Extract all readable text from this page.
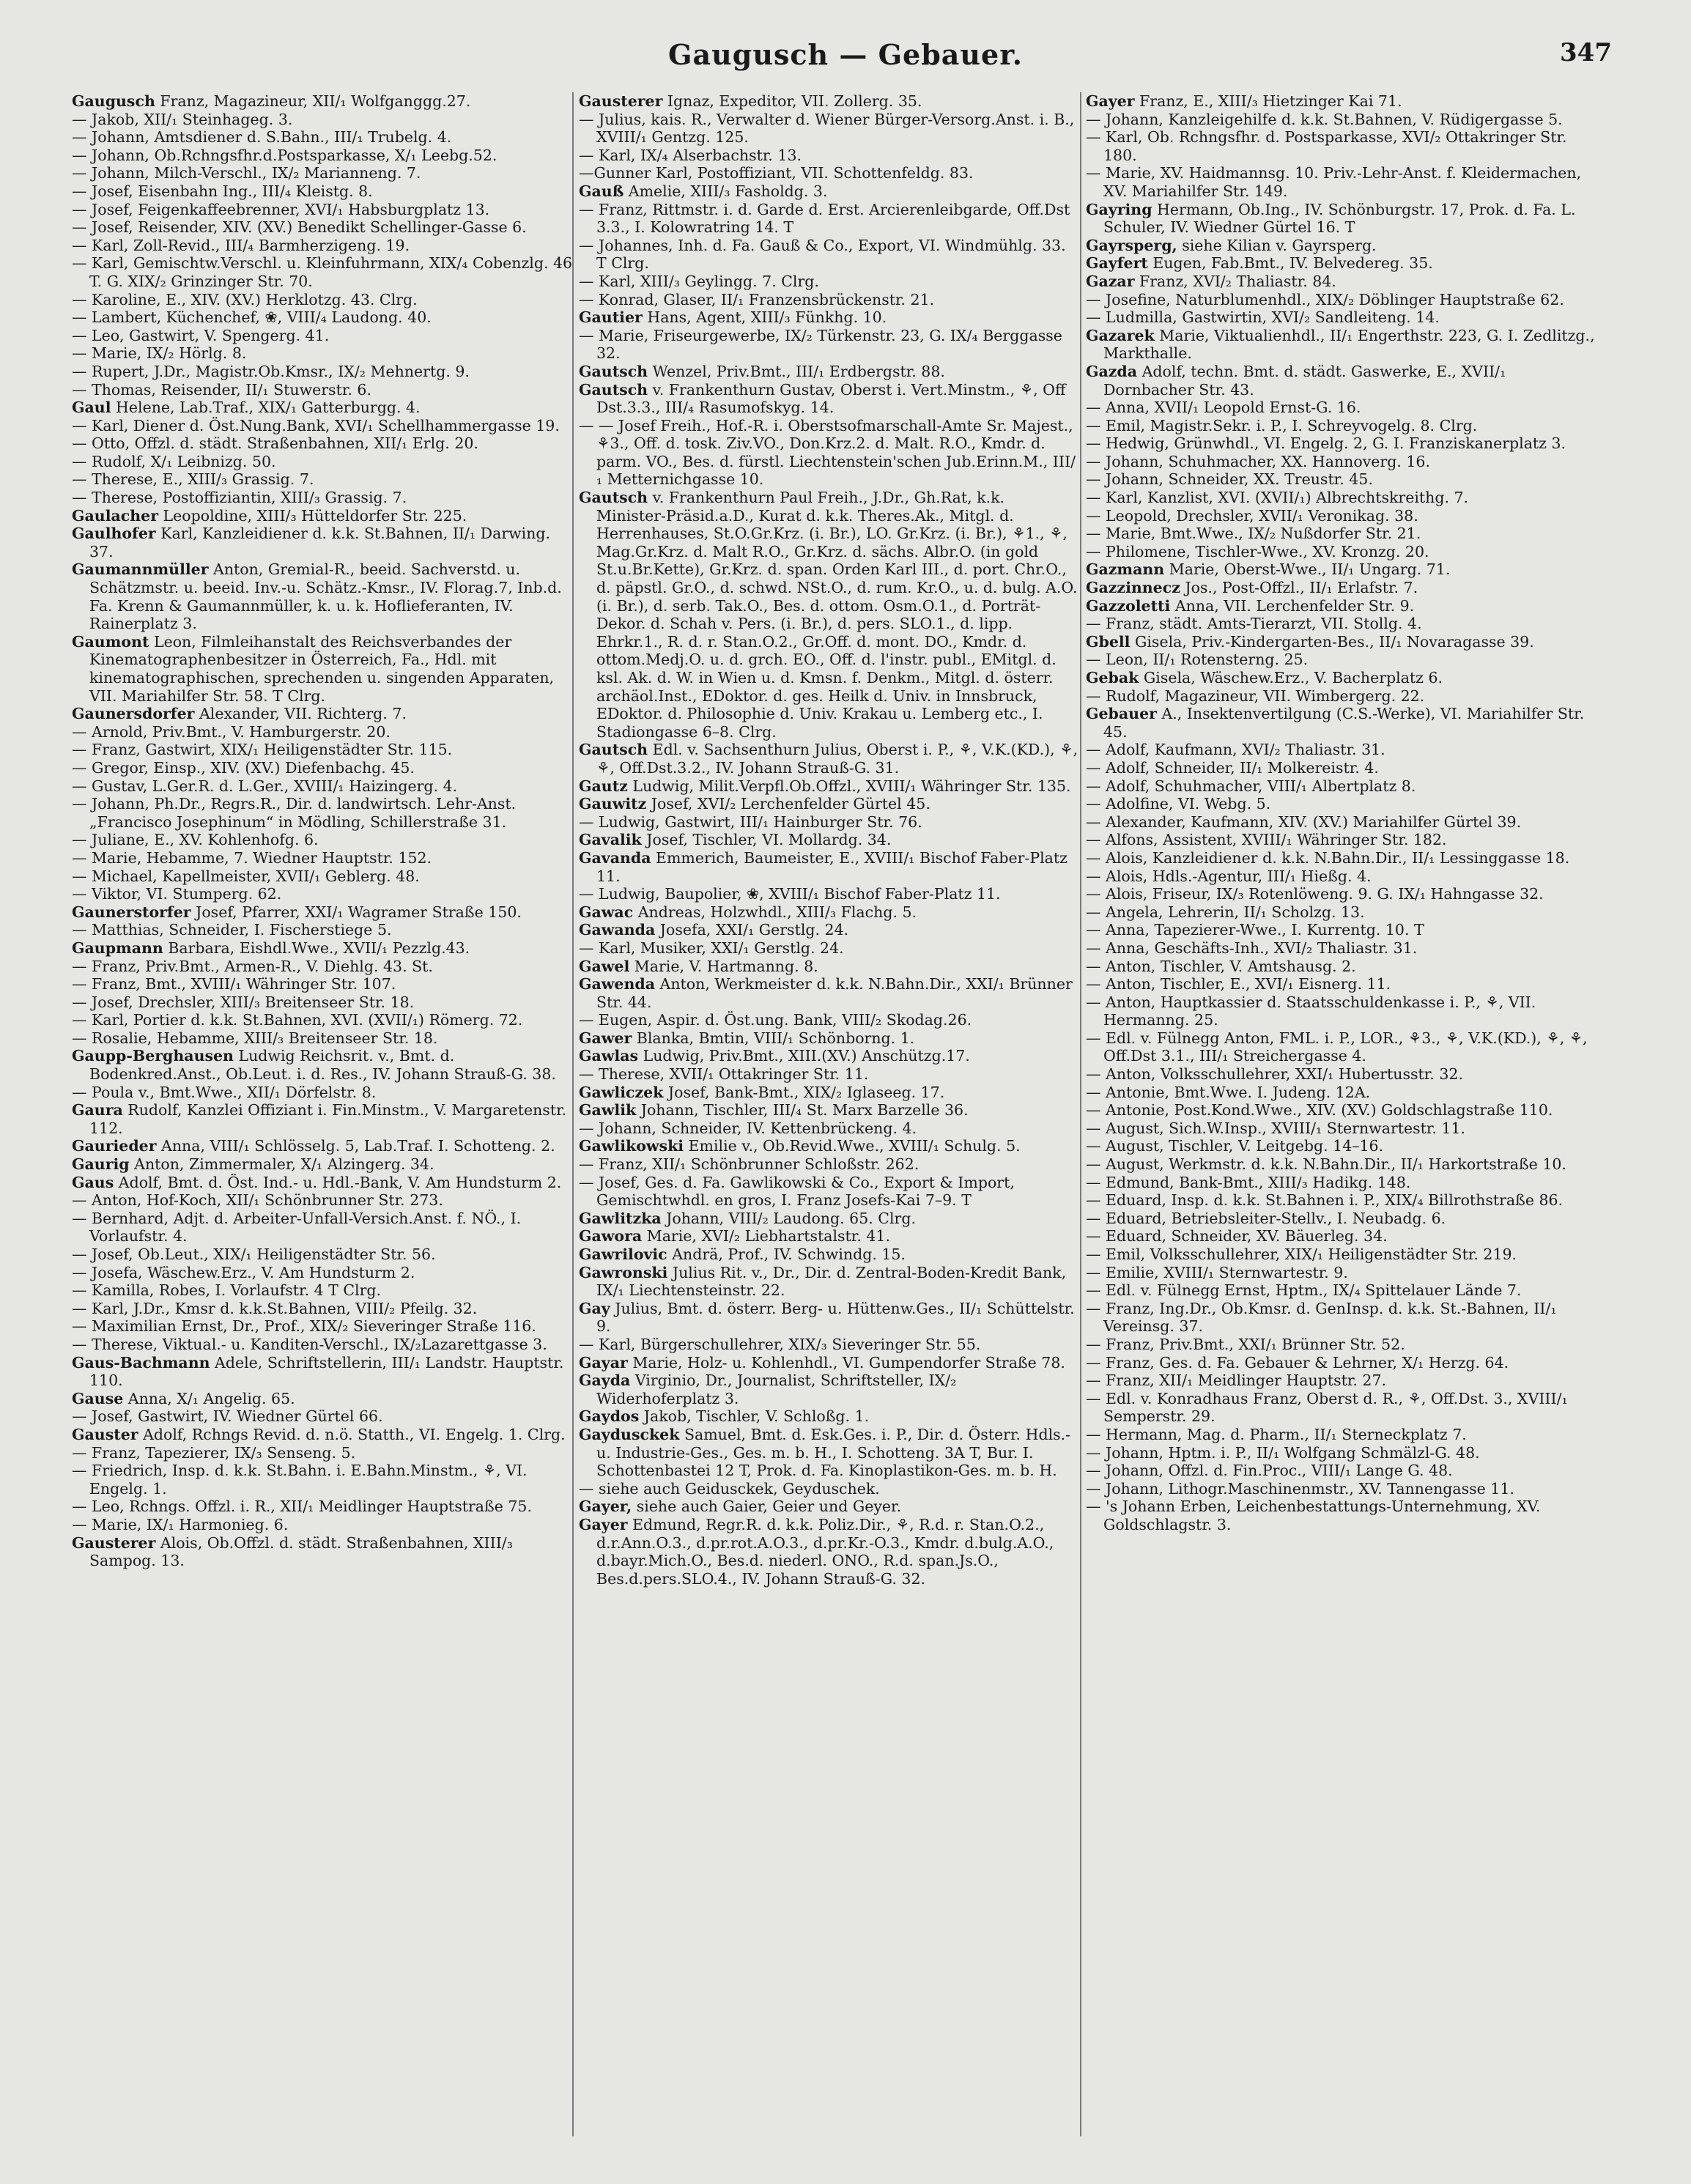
Gaugusch — Gebauer.	347

Gaugusch Franz, Magazineur, XII/₁ Wolfganggg.27.

— Jakob, XII/₁ Steinhageg. 3.

— Johann, Amtsdiener d. S.Bahn., III/₁ Trubelg. 4.

— Johann, Ob.Rchngsfhr.d.Postsparkasse, X/₁ Leebg.52.

— Johann, Milch-Verschl., IX/₂ Marianneng. 7.

— Josef, Eisenbahn Ing., III/₄ Kleistg. 8.

— Josef, Feigenkaffeebrenner, XVI/₁ Habsburgplatz 13.

— Josef, Reisender, XIV. (XV.) Benedikt Schellinger-Gasse 6.

— Karl, Zoll-Revid., III/₄ Barmherzigeng. 19.

— Karl, Gemischtw.Verschl. u. Kleinfuhrmann, XIX/₄ Cobenzlg. 46 T. G. XIX/₂ Grinzinger Str. 70.

— Karoline, E., XIV. (XV.) Herklotzg. 43. Clrg.

— Lambert, Küchenchef, ❀, VIII/₄ Laudong. 40.

— Leo, Gastwirt, V. Spengerg. 41.

— Marie, IX/₂ Hörlg. 8.

— Rupert, J.Dr., Magistr.Ob.Kmsr., IX/₂ Mehnertg. 9.

— Thomas, Reisender, II/₁ Stuwerstr. 6.

Gaul Helene, Lab.Traf., XIX/₁ Gatterburgg. 4.

— Karl, Diener d. Öst.Nung.Bank, XVI/₁ Schellhammergasse 19.

— Otto, Offzl. d. städt. Straßenbahnen, XII/₁ Erlg. 20.

— Rudolf, X/₁ Leibnizg. 50.

— Therese, E., XIII/₃ Grassig. 7.

— Therese, Postoffiziantin, XIII/₃ Grassig. 7.

Gaulacher Leopoldine, XIII/₃ Hütteldorfer Str. 225.

Gaulhofer Karl, Kanzleidiener d. k.k. St.Bahnen, II/₁ Darwing. 37.

Gaumannmüller Anton, Gremial-R., beeid. Sachverstd. u. Schätzmstr. u. beeid. Inv.-u. Schätz.-Kmsr., IV. Florag.7, Inb.d. Fa. Krenn & Gaumannmüller, k. u. k. Hoflieferanten, IV. Rainerplatz 3.

Gaumont Leon, Filmleihanstalt des Reichsverbandes der Kinematographenbesitzer in Österreich, Fa., Hdl. mit kinematographischen, sprechenden u. singenden Apparaten, VII. Mariahilfer Str. 58. T Clrg.

Gaunersdorfer Alexander, VII. Richterg. 7.

— Arnold, Priv.Bmt., V. Hamburgerstr. 20.

— Franz, Gastwirt, XIX/₁ Heiligenstädter Str. 115.

— Gregor, Einsp., XIV. (XV.) Diefenbachg. 45.

— Gustav, L.Ger.R. d. L.Ger., XVIII/₁ Haizingerg. 4.

— Johann, Ph.Dr., Regrs.R., Dir. d. landwirtsch. Lehr-Anst. „Francisco Josephinum“ in Mödling, Schillerstraße 31.

— Juliane, E., XV. Kohlenhofg. 6.

— Marie, Hebamme, 7. Wiedner Hauptstr. 152.

— Michael, Kapellmeister, XVII/₁ Geblerg. 48.

— Viktor, VI. Stumperg. 62.

Gaunerstorfer Josef, Pfarrer, XXI/₁ Wagramer Straße 150.

— Matthias, Schneider, I. Fischerstiege 5.

Gaupmann Barbara, Eishdl.Wwe., XVII/₁ Pezzlg.43.

— Franz, Priv.Bmt., Armen-R., V. Diehlg. 43. St.

— Franz, Bmt., XVIII/₁ Währinger Str. 107.

— Josef, Drechsler, XIII/₃ Breitenseer Str. 18.

— Karl, Portier d. k.k. St.Bahnen, XVI. (XVII/₁) Römerg. 72.

— Rosalie, Hebamme, XIII/₃ Breitenseer Str. 18.

Gaupp-Berghausen Ludwig Reichsrit. v., Bmt. d. Bodenkred.Anst., Ob.Leut. i. d. Res., IV. Johann Strauß-G. 38.

— Poula v., Bmt.Wwe., XII/₁ Dörfelstr. 8.

Gaura Rudolf, Kanzlei Offiziant i. Fin.Minstm., V. Margaretenstr. 112.

Gaurieder Anna, VIII/₁ Schlösselg. 5, Lab.Traf. I. Schotteng. 2.

Gaurig Anton, Zimmermaler, X/₁ Alzingerg. 34.

Gaus Adolf, Bmt. d. Öst. Ind.- u. Hdl.-Bank, V. Am Hundsturm 2.

— Anton, Hof-Koch, XII/₁ Schönbrunner Str. 273.

— Bernhard, Adjt. d. Arbeiter-Unfall-Versich.Anst. f. NÖ., I. Vorlaufstr. 4.

— Josef, Ob.Leut., XIX/₁ Heiligenstädter Str. 56.

— Josefa, Wäschew.Erz., V. Am Hundsturm 2.

— Kamilla, Robes, I. Vorlaufstr. 4 T Clrg.

— Karl, J.Dr., Kmsr d. k.k.St.Bahnen, VIII/₂ Pfeilg. 32.

— Maximilian Ernst, Dr., Prof., XIX/₂ Sieveringer Straße 116.

— Therese, Viktual.- u. Kanditen-Verschl., IX/₂Lazarettgasse 3.

Gaus-Bachmann Adele, Schriftstellerin, III/₁ Landstr. Hauptstr. 110.

Gause Anna, X/₁ Angelig. 65.

— Josef, Gastwirt, IV. Wiedner Gürtel 66.

Gauster Adolf, Rchngs Revid. d. n.ö. Statth., VI. Engelg. 1. Clrg.

— Franz, Tapezierer, IX/₃ Senseng. 5.

— Friedrich, Insp. d. k.k. St.Bahn. i. E.Bahn.Minstm., ⚘, VI. Engelg. 1.

— Leo, Rchngs. Offzl. i. R., XII/₁ Meidlinger Hauptstraße 75.

— Marie, IX/₁ Harmonieg. 6.

Gausterer Alois, Ob.Offzl. d. städt. Straßenbahnen, XIII/₃ Sampog. 13.

Gausterer Ignaz, Expeditor, VII. Zollerg. 35.

— Julius, kais. R., Verwalter d. Wiener Bürger-Versorg.Anst. i. B., XVIII/₁ Gentzg. 125.

— Karl, IX/₄ Alserbachstr. 13.

—Gunner Karl, Postoffiziant, VII. Schottenfeldg. 83.

Gauß Amelie, XIII/₃ Fasholdg. 3.

— Franz, Rittmstr. i. d. Garde d. Erst. Arcierenleibgarde, Off.Dst 3.3., I. Kolowratring 14. T

— Johannes, Inh. d. Fa. Gauß & Co., Export, VI. Windmühlg. 33. T Clrg.

— Karl, XIII/₃ Geylingg. 7. Clrg.

— Konrad, Glaser, II/₁ Franzensbrückenstr. 21.

Gautier Hans, Agent, XIII/₃ Fünkhg. 10.

— Marie, Friseurgewerbe, IX/₂ Türkenstr. 23, G. IX/₄ Berggasse 32.

Gautsch Wenzel, Priv.Bmt., III/₁ Erdbergstr. 88.

Gautsch v. Frankenthurn Gustav, Oberst i. Vert.Minstm., ⚘, Off Dst.3.3., III/₄ Rasumofskyg. 14.

— — Josef Freih., Hof.-R. i. Oberstsofmarschall-Amte Sr. Majest., ⚘3., Off. d. tosk. Ziv.VO., Don.Krz.2. d. Malt. R.O., Kmdr. d. parm. VO., Bes. d. fürstl. Liechtenstein'schen Jub.Erinn.M., III/₁ Metternichgasse 10.

Gautsch v. Frankenthurn Paul Freih., J.Dr., Gh.Rat, k.k. Minister-Präsid.a.D., Kurat d. k.k. Theres.Ak., Mitgl. d. Herrenhauses, St.O.Gr.Krz. (i. Br.), LO. Gr.Krz. (i. Br.), ⚘1., ⚘, Mag.Gr.Krz. d. Malt R.O., Gr.Krz. d. sächs. Albr.O. (in gold St.u.Br.Kette), Gr.Krz. d. span. Orden Karl III., d. port. Chr.O., d. päpstl. Gr.O., d. schwd. NSt.O., d. rum. Kr.O., u. d. bulg. A.O. (i. Br.), d. serb. Tak.O., Bes. d. ottom. Osm.O.1., d. Porträt-Dekor. d. Schah v. Pers. (i. Br.), d. pers. SLO.1., d. lipp. Ehrkr.1., R. d. r. Stan.O.2., Gr.Off. d. mont. DO., Kmdr. d. ottom.Medj.O. u. d. grch. EO., Off. d. l'instr. publ., EMitgl. d. ksl. Ak. d. W. in Wien u. d. Kmsn. f. Denkm., Mitgl. d. österr. archäol.Inst., EDoktor. d. ges. Heilk d. Univ. in Innsbruck, EDoktor. d. Philosophie d. Univ. Krakau u. Lemberg etc., I. Stadiongasse 6–8. Clrg.

Gautsch Edl. v. Sachsenthurn Julius, Oberst i. P., ⚘, V.K.(KD.), ⚘, ⚘, Off.Dst.3.2., IV. Johann Strauß-G. 31.

Gautz Ludwig, Milit.Verpfl.Ob.Offzl., XVIII/₁ Währinger Str. 135.

Gauwitz Josef, XVI/₂ Lerchenfelder Gürtel 45.

— Ludwig, Gastwirt, III/₁ Hainburger Str. 76.

Gavalik Josef, Tischler, VI. Mollardg. 34.

Gavanda Emmerich, Baumeister, E., XVIII/₁ Bischof Faber-Platz 11.

— Ludwig, Baupolier, ❀, XVIII/₁ Bischof Faber-Platz 11.

Gawac Andreas, Holzwhdl., XIII/₃ Flachg. 5.

Gawanda Josefa, XXI/₁ Gerstlg. 24.

— Karl, Musiker, XXI/₁ Gerstlg. 24.

Gawel Marie, V. Hartmanng. 8.

Gawenda Anton, Werkmeister d. k.k. N.Bahn.Dir., XXI/₁ Brünner Str. 44.

— Eugen, Aspir. d. Öst.ung. Bank, VIII/₂ Skodag.26.

Gawer Blanka, Bmtin, VIII/₁ Schönborng. 1.

Gawlas Ludwig, Priv.Bmt., XIII.(XV.) Anschützg.17.

— Therese, XVII/₁ Ottakringer Str. 11.

Gawliczek Josef, Bank-Bmt., XIX/₂ Iglaseeg. 17.

Gawlik Johann, Tischler, III/₄ St. Marx Barzelle 36.

— Johann, Schneider, IV. Kettenbrückeng. 4.

Gawlikowski Emilie v., Ob.Revid.Wwe., XVIII/₁ Schulg. 5.

— Franz, XII/₁ Schönbrunner Schloßstr. 262.

— Josef, Ges. d. Fa. Gawlikowski & Co., Export & Import, Gemischtwhdl. en gros, I. Franz Josefs-Kai 7–9. T

Gawlitzka Johann, VIII/₂ Laudong. 65. Clrg.

Gawora Marie, XVI/₂ Liebhartstalstr. 41.

Gawrilovic Andrä, Prof., IV. Schwindg. 15.

Gawronski Julius Rit. v., Dr., Dir. d. Zentral-Boden-Kredit Bank, IX/₁ Liechtensteinstr. 22.

Gay Julius, Bmt. d. österr. Berg- u. Hüttenw.Ges., II/₁ Schüttelstr. 9.

— Karl, Bürgerschullehrer, XIX/₃ Sieveringer Str. 55.

Gayar Marie, Holz- u. Kohlenhdl., VI. Gumpendorfer Straße 78.

Gayda Virginio, Dr., Journalist, Schriftsteller, IX/₂ Widerhoferplatz 3.

Gaydos Jakob, Tischler, V. Schloßg. 1.

Gaydusckek Samuel, Bmt. d. Esk.Ges. i. P., Dir. d. Österr. Hdls.- u. Industrie-Ges., Ges. m. b. H., I. Schotteng. 3A T, Bur. I. Schottenbastei 12 T, Prok. d. Fa. Kinoplastikon-Ges. m. b. H.

— siehe auch Geidusckek, Geyduschek.

Gayer, siehe auch Gaier, Geier und Geyer.

Gayer Edmund, Regr.R. d. k.k. Poliz.Dir., ⚘, R.d. r. Stan.O.2., d.r.Ann.O.3., d.pr.rot.A.O.3., d.pr.Kr.-O.3., Kmdr. d.bulg.A.O., d.bayr.Mich.O., Bes.d. niederl. ONO., R.d. span.Js.O., Bes.d.pers.SLO.4., IV. Johann Strauß-G. 32.

Gayer Franz, E., XIII/₃ Hietzinger Kai 71.

— Johann, Kanzleigehilfe d. k.k. St.Bahnen, V. Rüdigergasse 5.

— Karl, Ob. Rchngsfhr. d. Postsparkasse, XVI/₂ Ottakringer Str. 180.

— Marie, XV. Haidmannsg. 10. Priv.-Lehr-Anst. f. Kleidermachen, XV. Mariahilfer Str. 149.

Gayring Hermann, Ob.Ing., IV. Schönburgstr. 17, Prok. d. Fa. L. Schuler, IV. Wiedner Gürtel 16. T

Gayrsperg, siehe Kilian v. Gayrsperg.

Gayfert Eugen, Fab.Bmt., IV. Belvedereg. 35.

Gazar Franz, XVI/₂ Thaliastr. 84.

— Josefine, Naturblumenhdl., XIX/₂ Döblinger Hauptstraße 62.

— Ludmilla, Gastwirtin, XVI/₂ Sandleiteng. 14.

Gazarek Marie, Viktualienhdl., II/₁ Engerthstr. 223, G. I. Zedlitzg., Markthalle.

Gazda Adolf, techn. Bmt. d. städt. Gaswerke, E., XVII/₁ Dornbacher Str. 43.

— Anna, XVII/₁ Leopold Ernst-G. 16.

— Emil, Magistr.Sekr. i. P., I. Schreyvogelg. 8. Clrg.

— Hedwig, Grünwhdl., VI. Engelg. 2, G. I. Franziskanerplatz 3.

— Johann, Schuhmacher, XX. Hannoverg. 16.

— Johann, Schneider, XX. Treustr. 45.

— Karl, Kanzlist, XVI. (XVII/₁) Albrechtskreithg. 7.

— Leopold, Drechsler, XVII/₁ Veronikag. 38.

— Marie, Bmt.Wwe., IX/₂ Nußdorfer Str. 21.

— Philomene, Tischler-Wwe., XV. Kronzg. 20.

Gazmann Marie, Oberst-Wwe., II/₁ Ungarg. 71.

Gazzinnecz Jos., Post-Offzl., II/₁ Erlafstr. 7.

Gazzoletti Anna, VII. Lerchenfelder Str. 9.

— Franz, städt. Amts-Tierarzt, VII. Stollg. 4.

Gbell Gisela, Priv.-Kindergarten-Bes., II/₁ Novaragasse 39.

— Leon, II/₁ Rotensterng. 25.

Gebak Gisela, Wäschew.Erz., V. Bacherplatz 6.

— Rudolf, Magazineur, VII. Wimbergerg. 22.

Gebauer A., Insektenvertilgung (C.S.-Werke), VI. Mariahilfer Str. 45.

— Adolf, Kaufmann, XVI/₂ Thaliastr. 31.

— Adolf, Schneider, II/₁ Molkereistr. 4.

— Adolf, Schuhmacher, VIII/₁ Albertplatz 8.

— Adolfine, VI. Webg. 5.

— Alexander, Kaufmann, XIV. (XV.) Mariahilfer Gürtel 39.

— Alfons, Assistent, XVIII/₁ Währinger Str. 182.

— Alois, Kanzleidiener d. k.k. N.Bahn.Dir., II/₁ Lessinggasse 18.

— Alois, Hdls.-Agentur, III/₁ Hießg. 4.

— Alois, Friseur, IX/₃ Rotenlöweng. 9. G. IX/₁ Hahngasse 32.

— Angela, Lehrerin, II/₁ Scholzg. 13.

— Anna, Tapezierer-Wwe., I. Kurrentg. 10. T

— Anna, Geschäfts-Inh., XVI/₂ Thaliastr. 31.

— Anton, Tischler, V. Amtshausg. 2.

— Anton, Tischler, E., XVI/₁ Eisnerg. 11.

— Anton, Hauptkassier d. Staatsschuldenkasse i. P., ⚘, VII. Hermanng. 25.

— Edl. v. Fülnegg Anton, FML. i. P., LOR., ⚘3., ⚘, V.K.(KD.), ⚘, ⚘, Off.Dst 3.1., III/₁ Streichergasse 4.

— Anton, Volksschullehrer, XXI/₁ Hubertusstr. 32.

— Antonie, Bmt.Wwe. I. Judeng. 12A.

— Antonie, Post.Kond.Wwe., XIV. (XV.) Goldschlagstraße 110.

— August, Sich.W.Insp., XVIII/₁ Sternwartestr. 11.

— August, Tischler, V. Leitgebg. 14–16.

— August, Werkmstr. d. k.k. N.Bahn.Dir., II/₁ Harkortstraße 10.

— Edmund, Bank-Bmt., XIII/₃ Hadikg. 148.

— Eduard, Insp. d. k.k. St.Bahnen i. P., XIX/₄ Billrothstraße 86.

— Eduard, Betriebsleiter-Stellv., I. Neubadg. 6.

— Eduard, Schneider, XV. Bäuerleg. 34.

— Emil, Volksschullehrer, XIX/₁ Heiligenstädter Str. 219.

— Emilie, XVIII/₁ Sternwartestr. 9.

— Edl. v. Fülnegg Ernst, Hptm., IX/₄ Spittelauer Lände 7.

— Franz, Ing.Dr., Ob.Kmsr. d. GenInsp. d. k.k. St.-Bahnen, II/₁ Vereinsg. 37.

— Franz, Priv.Bmt., XXI/₁ Brünner Str. 52.

— Franz, Ges. d. Fa. Gebauer & Lehrner, X/₁ Herzg. 64.

— Franz, XII/₁ Meidlinger Hauptstr. 27.

— Edl. v. Konradhaus Franz, Oberst d. R., ⚘, Off.Dst. 3., XVIII/₁ Semperstr. 29.

— Hermann, Mag. d. Pharm., II/₁ Sterneckplatz 7.

— Johann, Hptm. i. P., II/₁ Wolfgang Schmälzl-G. 48.

— Johann, Offzl. d. Fin.Proc., VIII/₁ Lange G. 48.

— Johann, Lithogr.Maschinenmstr., XV. Tannengasse 11.

— 's Johann Erben, Leichenbestattungs-Unternehmung, XV. Goldschlagstr. 3.
